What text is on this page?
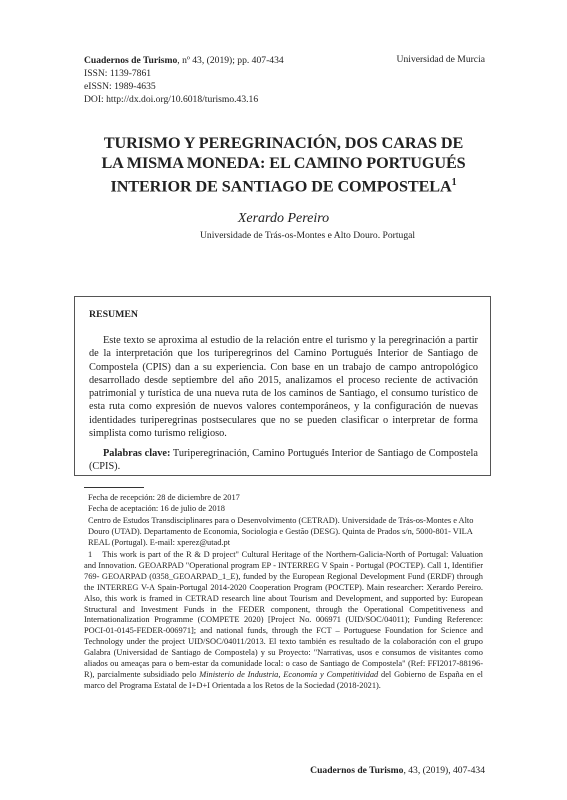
Cuadernos de Turismo, nº 43, (2019); pp. 407-434
ISSN: 1139-7861
eISSN: 1989-4635
DOI: http://dx.doi.org/10.6018/turismo.43.16
Universidad de Murcia
TURISMO Y PEREGRINACIÓN, DOS CARAS DE
LA MISMA MONEDA: EL CAMINO PORTUGUÉS
INTERIOR DE SANTIAGO DE COMPOSTELA$^1$
Xerardo Pereiro
Universidade de Trás-os-Montes e Alto Douro. Portugal
RESUMEN
Este texto se aproxima al estudio de la relación entre el turismo y la peregrinación a partir de la interpretación que los turiperegrinos del Camino Portugués Interior de Santiago de Compostela (CPIS) dan a su experiencia. Con base en un trabajo de campo antropológico desarrollado desde septiembre del año 2015, analizamos el proceso reciente de activación patrimonial y turística de una nueva ruta de los caminos de Santiago, el consumo turístico de esta ruta como expresión de nuevos valores contemporáneos, y la configuración de nuevas identidades turiperegrinas postseculares que no se pueden clasificar o interpretar de forma simplista como turismo religioso.
Palabras clave: Turiperegrinación, Camino Portugués Interior de Santiago de Compostela (CPIS).
Fecha de recepción: 28 de diciembre de 2017
Fecha de aceptación: 16 de julio de 2018
Centro de Estudos Transdisciplinares para o Desenvolvimento (CETRAD). Universidade de Trás-os-Montes e Alto Douro (UTAD). Departamento de Economia, Sociologia e Gestão (DESG). Quinta de Prados s/n, 5000-801- VILA REAL (Portugal). E-mail: xperez@utad.pt
1 This work is part of the R & D project" Cultural Heritage of the Northern-Galicia-North of Portugal: Valuation and Innovation. GEOARPAD "Operational program EP - INTERREG V Spain - Portugal (POCTEP). Call 1, Identifier 769- GEOARPAD (0358_GEOARPAD_1_E), funded by the European Regional Development Fund (ERDF) through the INTERREG V-A Spain-Portugal 2014-2020 Cooperation Program (POCTEP). Main researcher: Xerardo Pereiro. Also, this work is framed in CETRAD research line about Tourism and Development, and supported by: European Structural and Investment Funds in the FEDER component, through the Operational Competitiveness and Internationalization Programme (COMPETE 2020) [Project No. 006971 (UID/SOC/04011); Funding Reference: POCI-01-0145-FEDER-006971]; and national funds, through the FCT – Portuguese Foundation for Science and Technology under the project UID/SOC/04011/2013. El texto también es resultado de la colaboración con el grupo Galabra (Universidad de Santiago de Compostela) y su Proyecto: "Narrativas, usos e consumos de visitantes como aliados ou ameaças para o bem-estar da comunidade local: o caso de Santiago de Compostela" (Ref: FFI2017-88196-R), parcialmente subsidiado pelo Ministerio de Industria, Economía y Competitividad del Gobierno de España en el marco del Programa Estatal de I+D+I Orientada a los Retos de la Sociedad (2018-2021).
Cuadernos de Turismo, 43, (2019), 407-434
